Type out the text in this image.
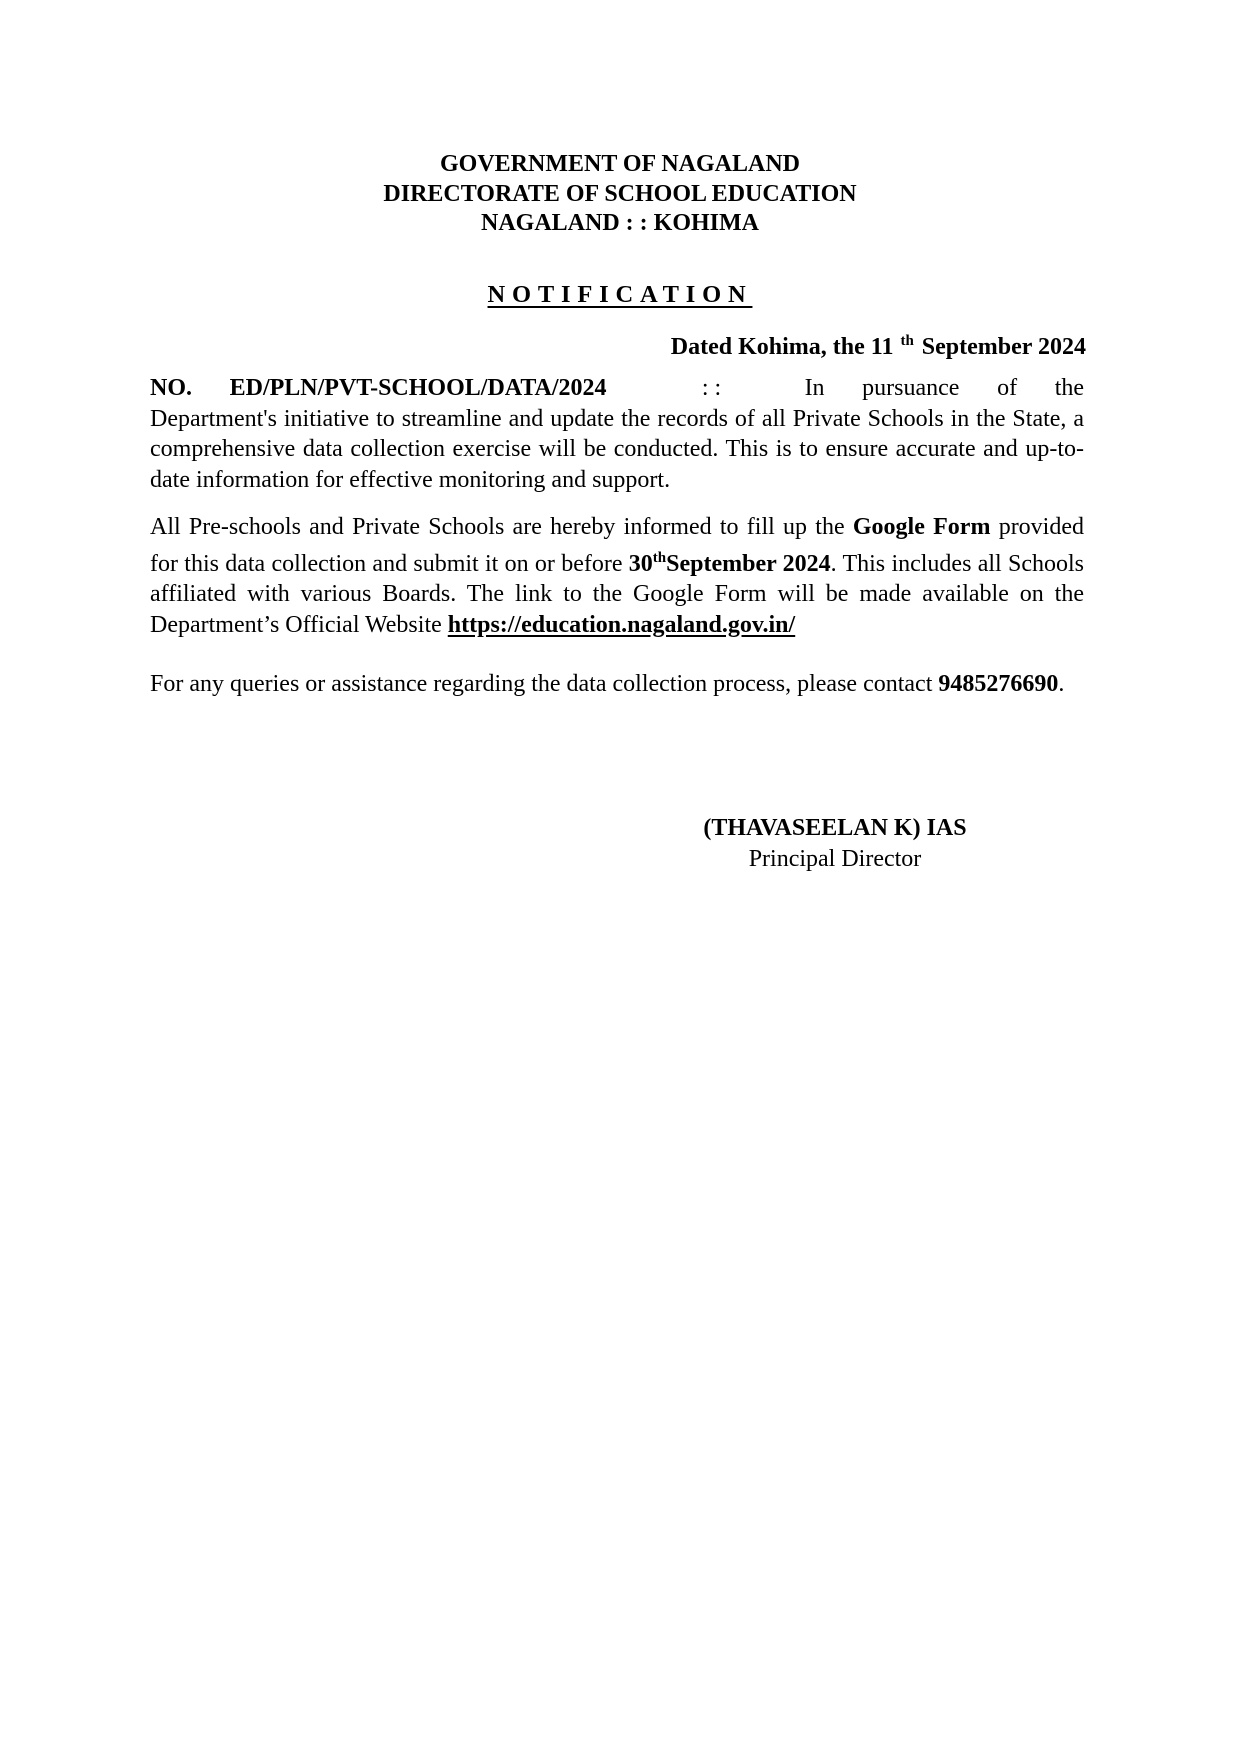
GOVERNMENT OF NAGALAND
DIRECTORATE OF SCHOOL EDUCATION
NAGALAND : : KOHIMA
NOTIFICATION
Dated Kohima, the 11 $^{th}$ September 2024
NO. ED/PLN/PVT-SCHOOL/DATA/2024	: :	In pursuance of the Department's initiative to streamline and update the records of all Private Schools in the State, a comprehensive data collection exercise will be conducted. This is to ensure accurate and up-to-date information for effective monitoring and support.
All Pre-schools and Private Schools are hereby informed to fill up the Google Form provided for this data collection and submit it on or before 30thSeptember 2024. This includes all Schools affiliated with various Boards. The link to the Google Form will be made available on the Department’s Official Website https://education.nagaland.gov.in/
For any queries or assistance regarding the data collection process, please contact 9485276690.
(THAVASEELAN K) IAS
Principal Director
